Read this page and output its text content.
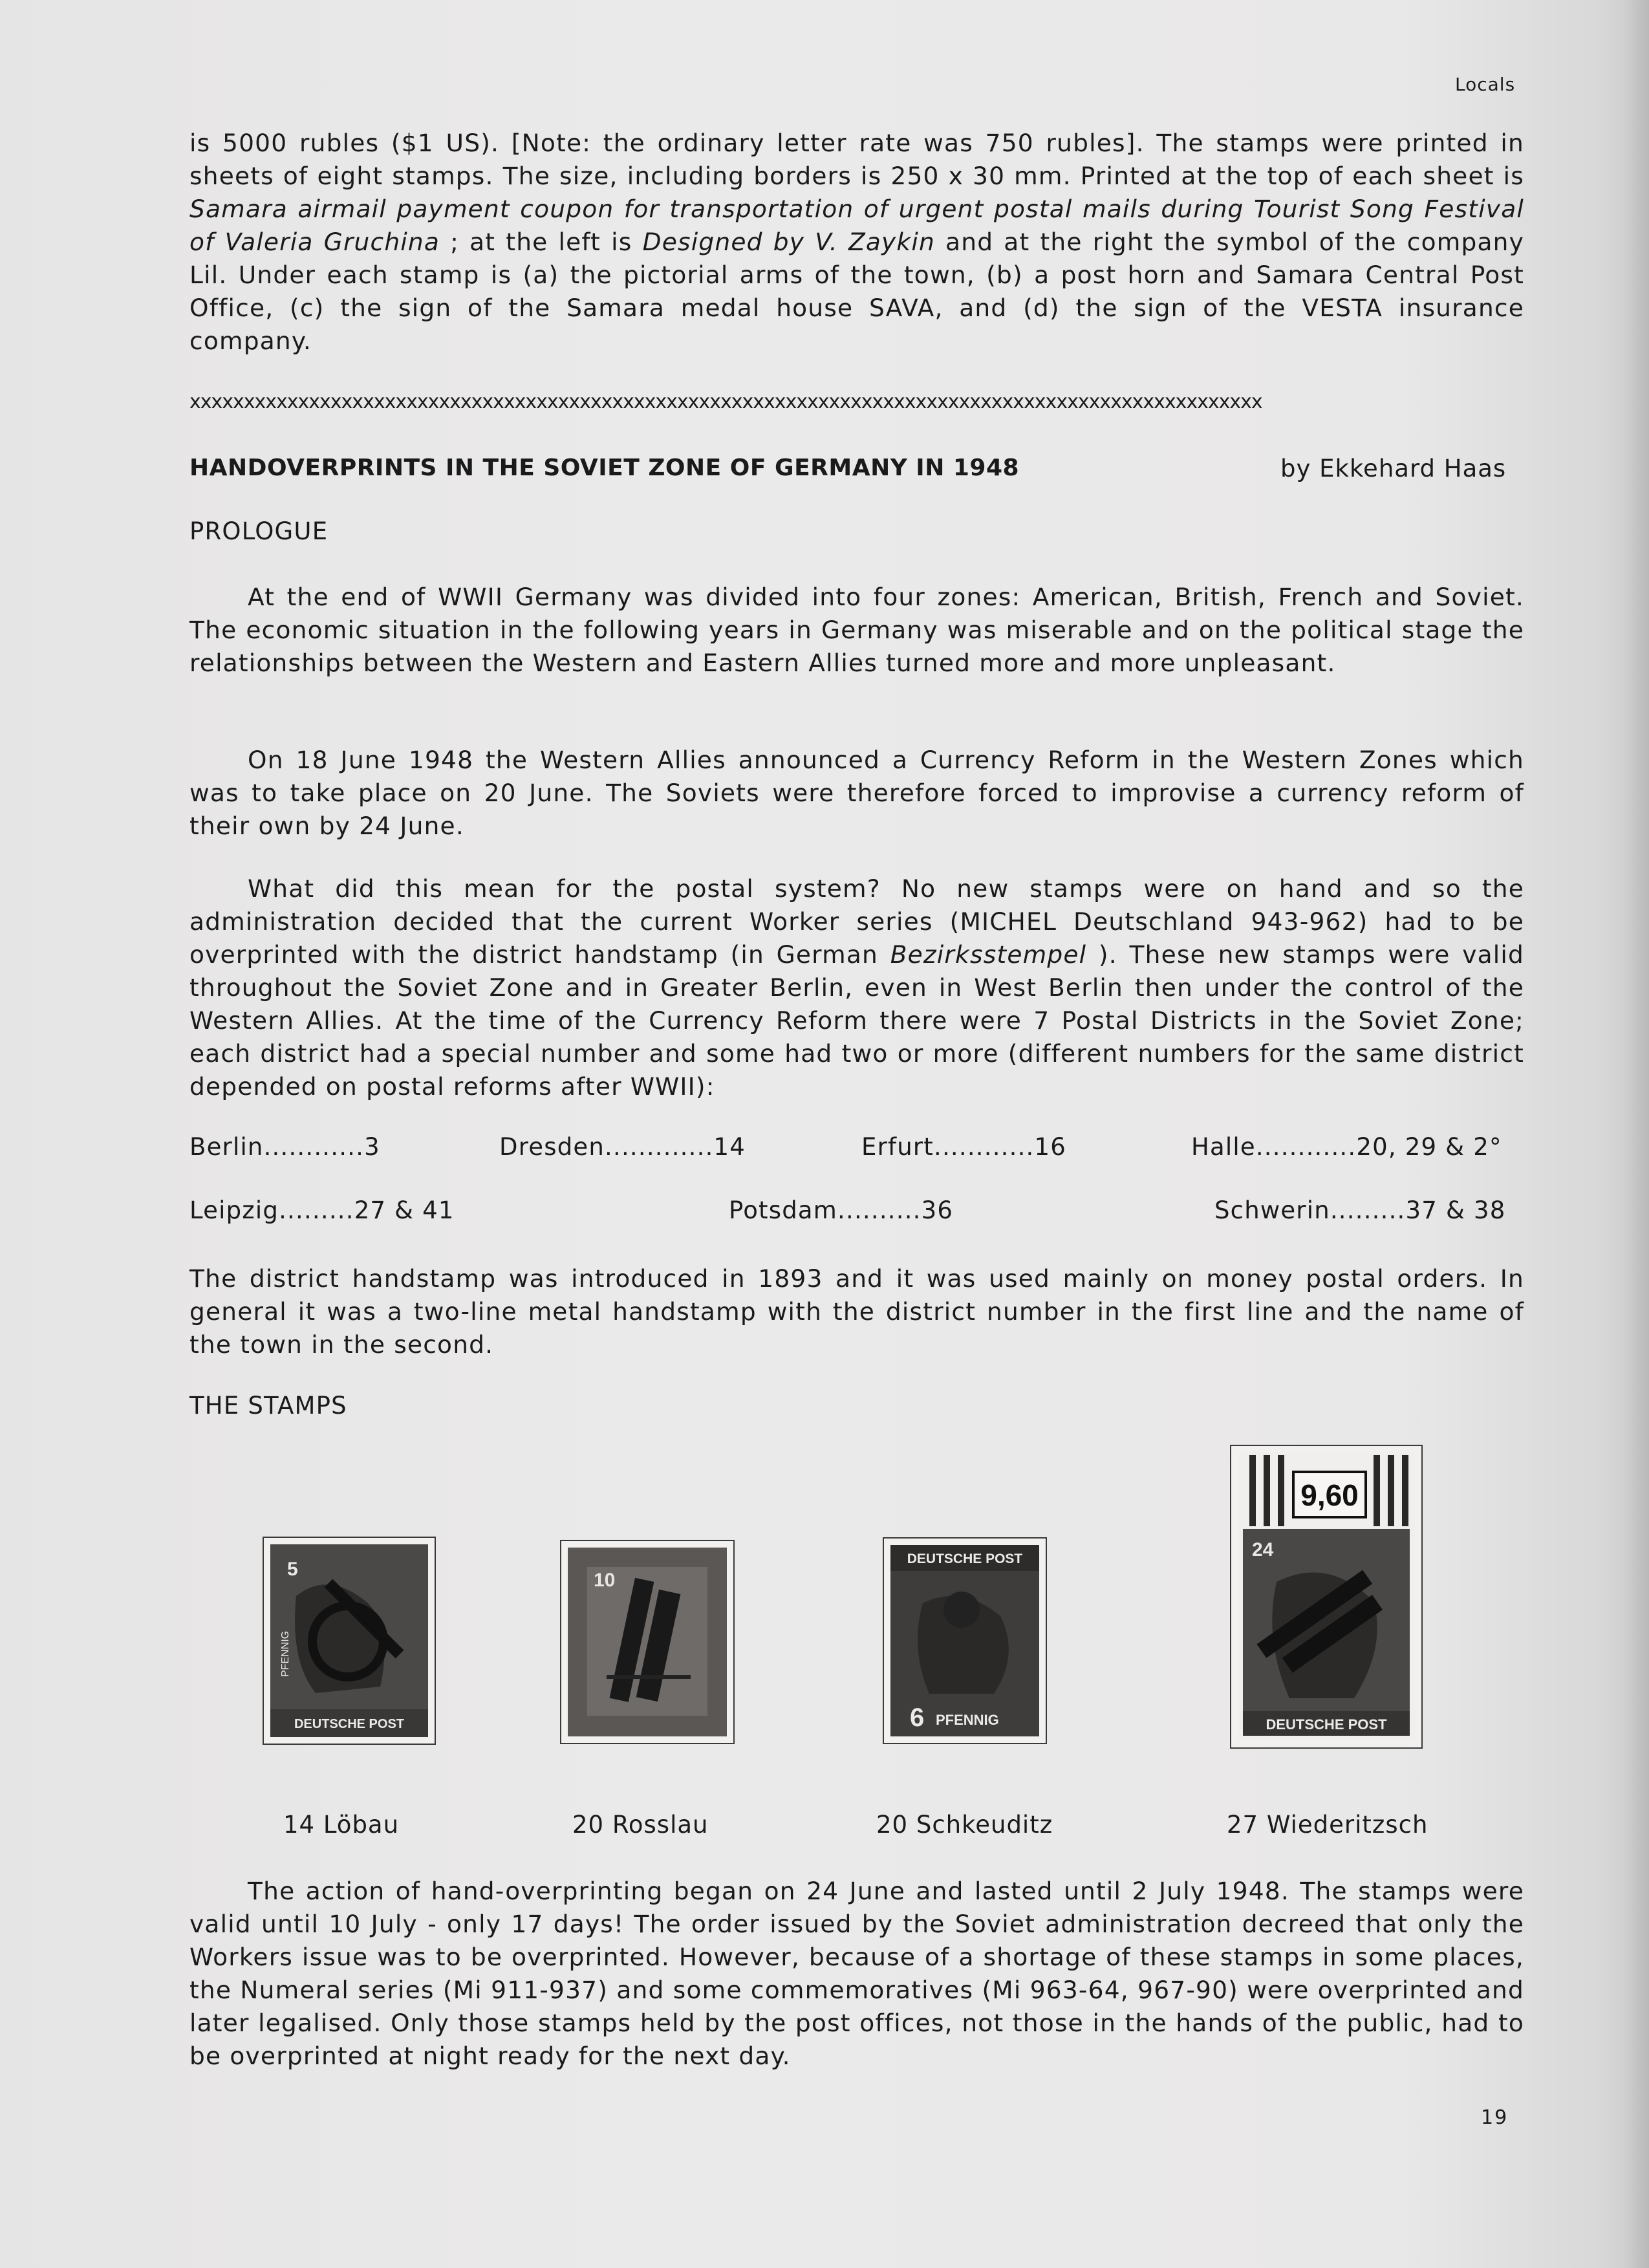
Locals

is 5000 rubles ($1 US). [Note: the ordinary letter rate was 750 rubles]. The stamps were printed in sheets of eight stamps. The size, including borders is 250 x 30 mm. Printed at the top of each sheet is Samara airmail payment coupon for transportation of urgent postal mails during Tourist Song Festival of Valeria Gruchina ; at the left is Designed by V. Zaykin and at the right the symbol of the company Lil. Under each stamp is (a) the pictorial arms of the town, (b) a post horn and Samara Central Post Office, (c) the sign of the Samara medal house SAVA, and (d) the sign of the VESTA insurance company.

xxxxxxxxxxxxxxxxxxxxxxxxxxxxxxxxxxxxxxxxxxxxxxxxxxxxxxxxxxxxxxxxxxxxxxxxxxxxxxxxxxxxxxxxxxxxxxxxxxx
HANDOVERPRINTS IN THE SOVIET ZONE OF GERMANY IN 1948	by Ekkehard Haas
PROLOGUE

At the end of WWII Germany was divided into four zones: American, British, French and Soviet. The economic situation in the following years in Germany was miserable and on the political stage the relationships between the Western and Eastern Allies turned more and more unpleasant.

On 18 June 1948 the Western Allies announced a Currency Reform in the Western Zones which was to take place on 20 June. The Soviets were therefore forced to improvise a currency reform of their own by 24 June.

What did this mean for the postal system? No new stamps were on hand and so the administration decided that the current Worker series (MICHEL Deutschland 943-962) had to be overprinted with the district handstamp (in German Bezirksstempel ). These new stamps were valid throughout the Soviet Zone and in Greater Berlin, even in West Berlin then under the control of the Western Allies. At the time of the Currency Reform there were 7 Postal Districts in the Soviet Zone; each district had a special number and some had two or more (different numbers for the same district depended on postal reforms after WWII):

Berlin............3	Dresden.............14	Erfurt............16	Halle............20, 29 & 2°
Leipzig.........27 & 41	Potsdam..........36	Schwerin.........37 & 38

The district handstamp was introduced in 1893 and it was used mainly on money postal orders. In general it was a two-line metal handstamp with the district number in the first line and the name of the town in the second.

THE STAMPS
DEUTSCHE POST
PFENNIG
5
10
DEUTSCHE POST
6 PFENNIG
9,60
24
DEUTSCHE POST
14 Löbau	20 Rosslau	20 Schkeuditz	27 Wiederitzsch

The action of hand-overprinting began on 24 June and lasted until 2 July 1948. The stamps were valid until 10 July - only 17 days! The order issued by the Soviet administration decreed that only the Workers issue was to be overprinted. However, because of a shortage of these stamps in some places, the Numeral series (Mi 911-937) and some commemoratives (Mi 963-64, 967-90) were overprinted and later legalised. Only those stamps held by the post offices, not those in the hands of the public, had to be overprinted at night ready for the next day.

19
